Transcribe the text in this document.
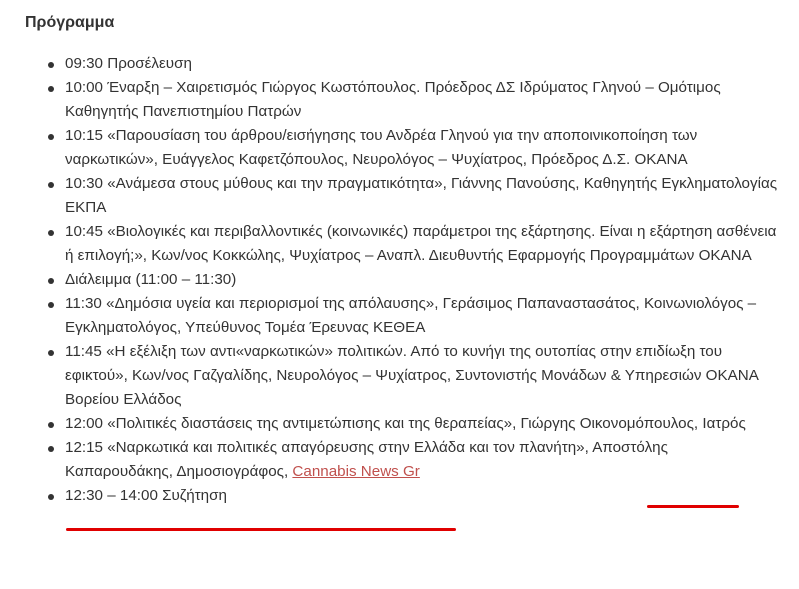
Πρόγραμμα
09:30 Προσέλευση
10:00 Έναρξη – Χαιρετισμός Γιώργος Κωστόπουλος. Πρόεδρος ΔΣ Ιδρύματος Γληνού – Ομότιμος Καθηγητής Πανεπιστημίου Πατρών
10:15 «Παρουσίαση του άρθρου/εισήγησης του Ανδρέα Γληνού για την αποποινικοποίηση των ναρκωτικών», Ευάγγελος Καφετζόπουλος, Νευρολόγος – Ψυχίατρος, Πρόεδρος Δ.Σ. ΟΚΑΝΑ
10:30 «Ανάμεσα στους μύθους και την πραγματικότητα», Γιάννης Πανούσης, Καθηγητής Εγκληματολογίας ΕΚΠΑ
10:45 «Βιολογικές και περιβαλλοντικές (κοινωνικές) παράμετροι της εξάρτησης. Είναι η εξάρτηση ασθένεια ή επιλογή;», Κων/νος Κοκκώλης, Ψυχίατρος – Αναπλ. Διευθυντής Εφαρμογής Προγραμμάτων ΟΚΑΝΑ
Διάλειμμα (11:00 – 11:30)
11:30 «Δημόσια υγεία και περιορισμοί της απόλαυσης», Γεράσιμος Παπαναστασάτος, Κοινωνιολόγος – Εγκληματολόγος, Υπεύθυνος Τομέα Έρευνας ΚΕΘΕΑ
11:45 «Η εξέλιξη των αντι«ναρκωτικών» πολιτικών. Από το κυνήγι της ουτοπίας στην επιδίωξη του εφικτού», Κων/νος Γαζγαλίδης, Νευρολόγος – Ψυχίατρος, Συντονιστής Μονάδων & Υπηρεσιών ΟΚΑΝΑ Βορείου Ελλάδος
12:00 «Πολιτικές διαστάσεις της αντιμετώπισης και της θεραπείας», Γιώργης Οικονομόπουλος, Ιατρός
12:15 «Ναρκωτικά και πολιτικές απαγόρευσης στην Ελλάδα και τον πλανήτη», Αποστόλης Καπαρουδάκης, Δημοσιογράφος, Cannabis News Gr
12:30 – 14:00 Συζήτηση
